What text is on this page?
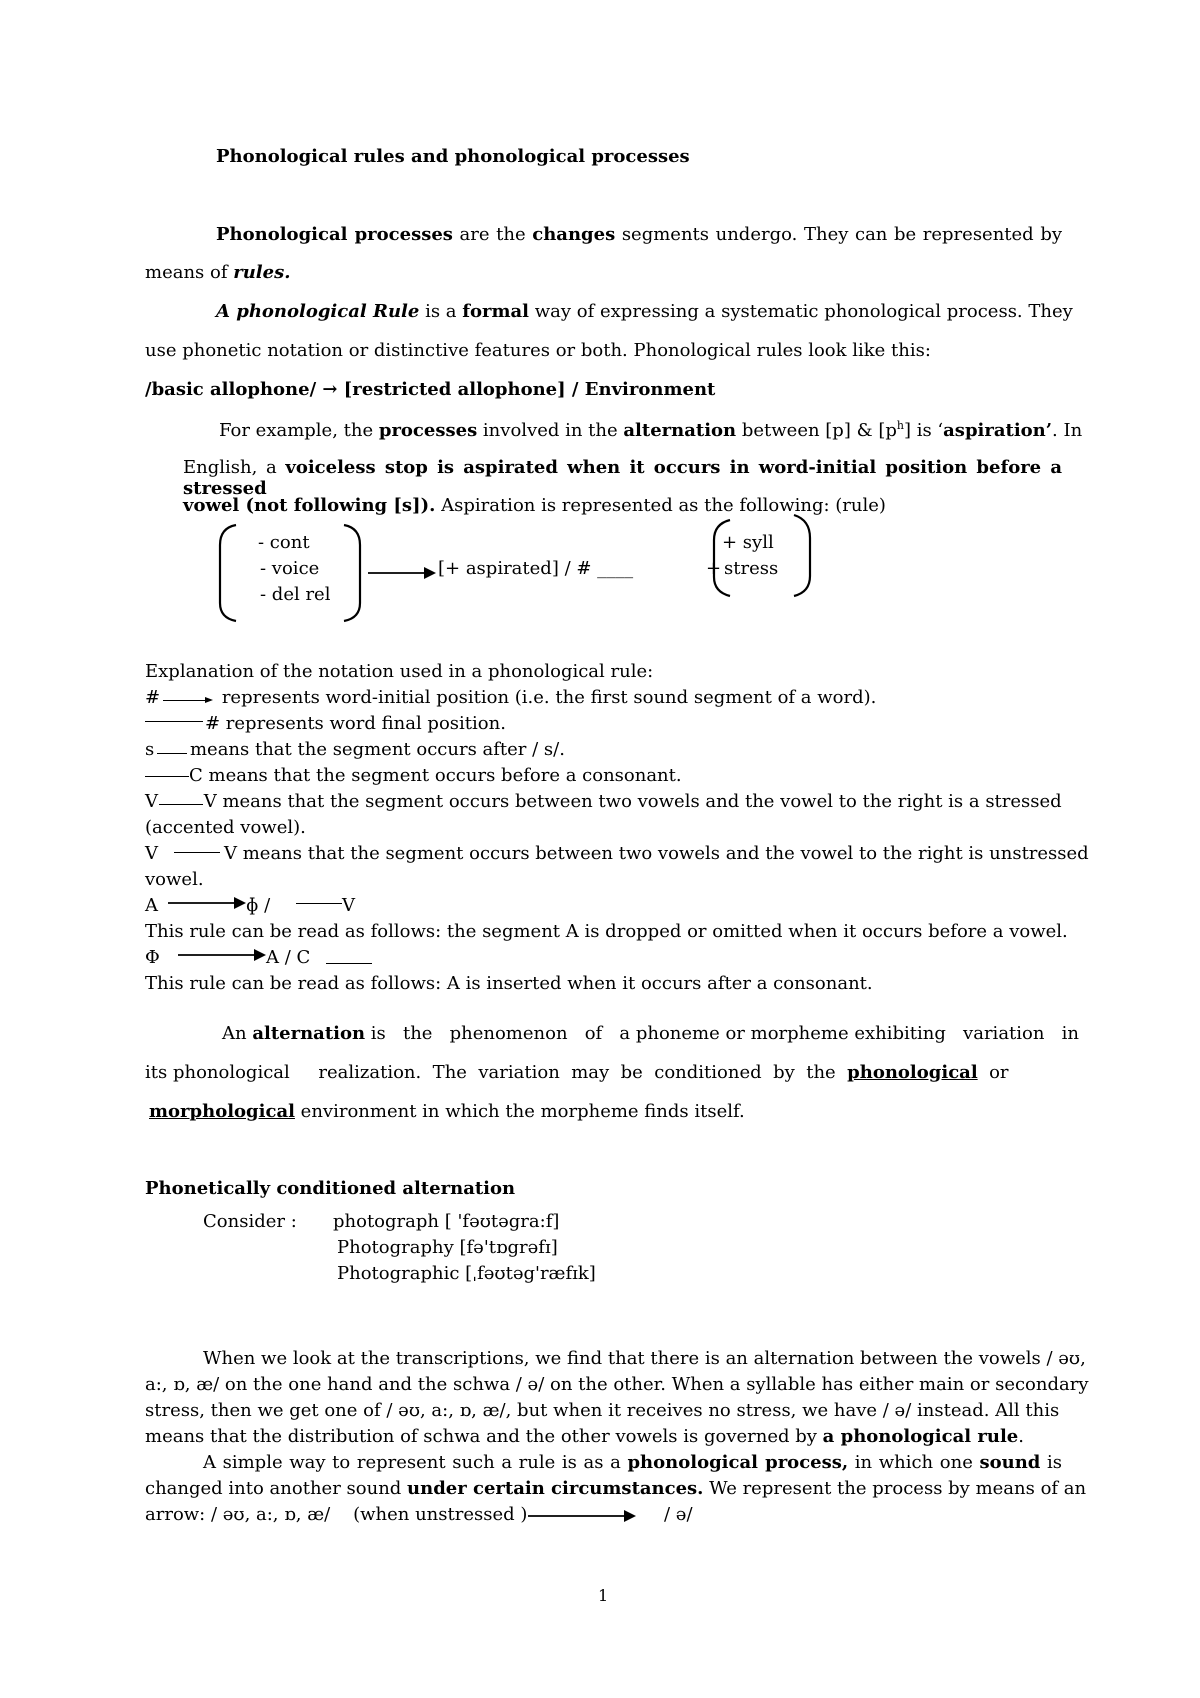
Phonological rules and phonological processes
Phonological processes are the changes segments undergo. They can be represented by
means of rules.
A phonological Rule is a formal way of expressing a systematic phonological process. They
use phonetic notation or distinctive features or both. Phonological rules look like this:
/basic allophone/ → [restricted allophone] / Environment
For example, the processes involved in the alternation between [p] & $[p^h]$ is ‘aspiration’. In
English, a voiceless stop is aspirated when it occurs in word-initial position before a stressed
vowel (not following [s]). Aspiration is represented as the following: (rule)
- cont
- voice
- del rel
[+ aspirated] / # ____
+ syll
+ stress
Explanation of the notation used in a phonological rule:
#	represents word-initial position (i.e. the first sound segment of a word).
# represents word final position.
s means that the segment occurs after / s/.
C means that the segment occurs before a consonant.
V V means that the segment occurs between two vowels and the vowel to the right is a stressed
(accented vowel).
V	V means that the segment occurs between two vowels and the vowel to the right is unstressed
vowel.
A	ɸ /	V
This rule can be read as follows: the segment A is dropped or omitted when it occurs before a vowel.
Φ	A / C
This rule can be read as follows: A is inserted when it occurs after a consonant.
An alternation is   the   phenomenon   of   a phoneme or morpheme exhibiting   variation   in
its phonological     realization.  The  variation  may  be  conditioned  by  the  phonological  or
morphological environment in which the morpheme finds itself.
Phonetically conditioned alternation
Consider : photograph [ 'fəʊtəgra:f]
Photography [fə'tɒgrəfɪ]
Photographic [ˌfəʊtəg'ræfɪk]
When we look at the transcriptions, we find that there is an alternation between the vowels / əʊ,
a:, ɒ, æ/ on the one hand and the schwa / ə/ on the other. When a syllable has either main or secondary
stress, then we get one of / əʊ, a:, ɒ, æ/, but when it receives no stress, we have / ə/ instead. All this
means that the distribution of schwa and the other vowels is governed by a phonological rule.
A simple way to represent such a rule is as a phonological process, in which one sound is
changed into another sound under certain circumstances. We represent the process by means of an
arrow: / əʊ, a:, ɒ, æ/    (when unstressed )	/ ə/
1
